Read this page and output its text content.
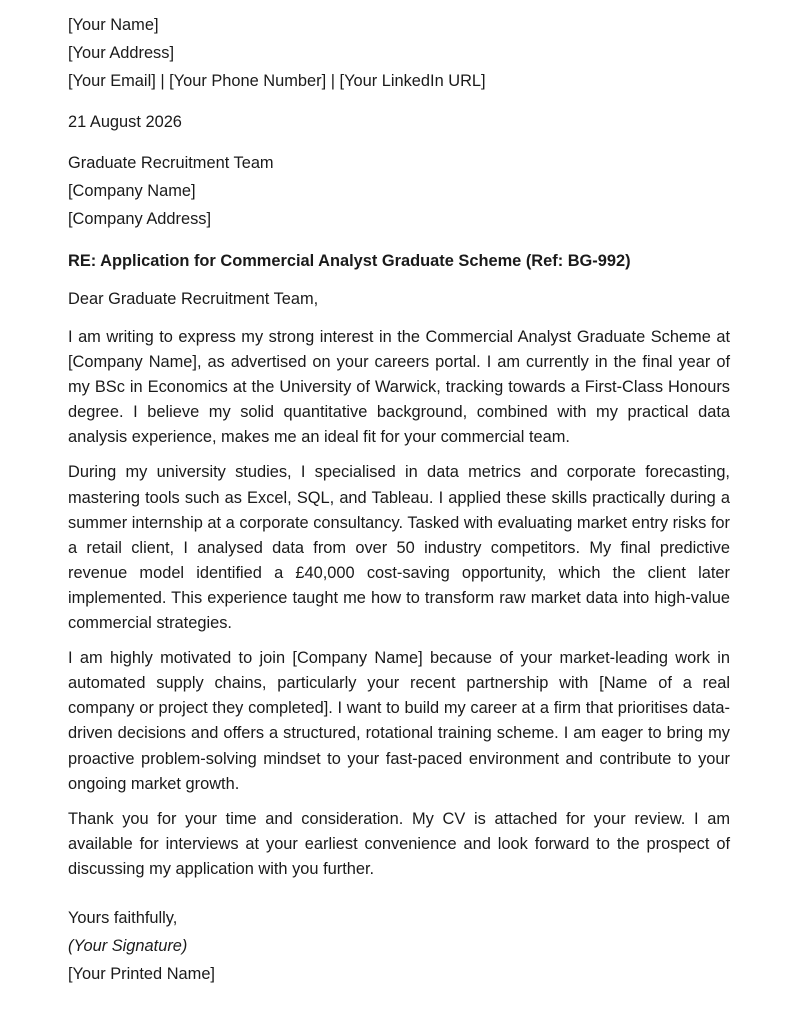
[Your Name]
[Your Address]
[Your Email] | [Your Phone Number] | [Your LinkedIn URL]
21 August 2026
Graduate Recruitment Team
[Company Name]
[Company Address]
RE: Application for Commercial Analyst Graduate Scheme (Ref: BG-992)
Dear Graduate Recruitment Team,

I am writing to express my strong interest in the Commercial Analyst Graduate Scheme at [Company Name], as advertised on your careers portal. I am currently in the final year of my BSc in Economics at the University of Warwick, tracking towards a First-Class Honours degree. I believe my solid quantitative background, combined with my practical data analysis experience, makes me an ideal fit for your commercial team.

During my university studies, I specialised in data metrics and corporate forecasting, mastering tools such as Excel, SQL, and Tableau. I applied these skills practically during a summer internship at a corporate consultancy. Tasked with evaluating market entry risks for a retail client, I analysed data from over 50 industry competitors. My final predictive revenue model identified a £40,000 cost-saving opportunity, which the client later implemented. This experience taught me how to transform raw market data into high-value commercial strategies.

I am highly motivated to join [Company Name] because of your market-leading work in automated supply chains, particularly your recent partnership with [Name of a real company or project they completed]. I want to build my career at a firm that prioritises data-driven decisions and offers a structured, rotational training scheme. I am eager to bring my proactive problem-solving mindset to your fast-paced environment and contribute to your ongoing market growth.

Thank you for your time and consideration. My CV is attached for your review. I am available for interviews at your earliest convenience and look forward to the prospect of discussing my application with you further.

Yours faithfully,
(Your Signature)
[Your Printed Name]
